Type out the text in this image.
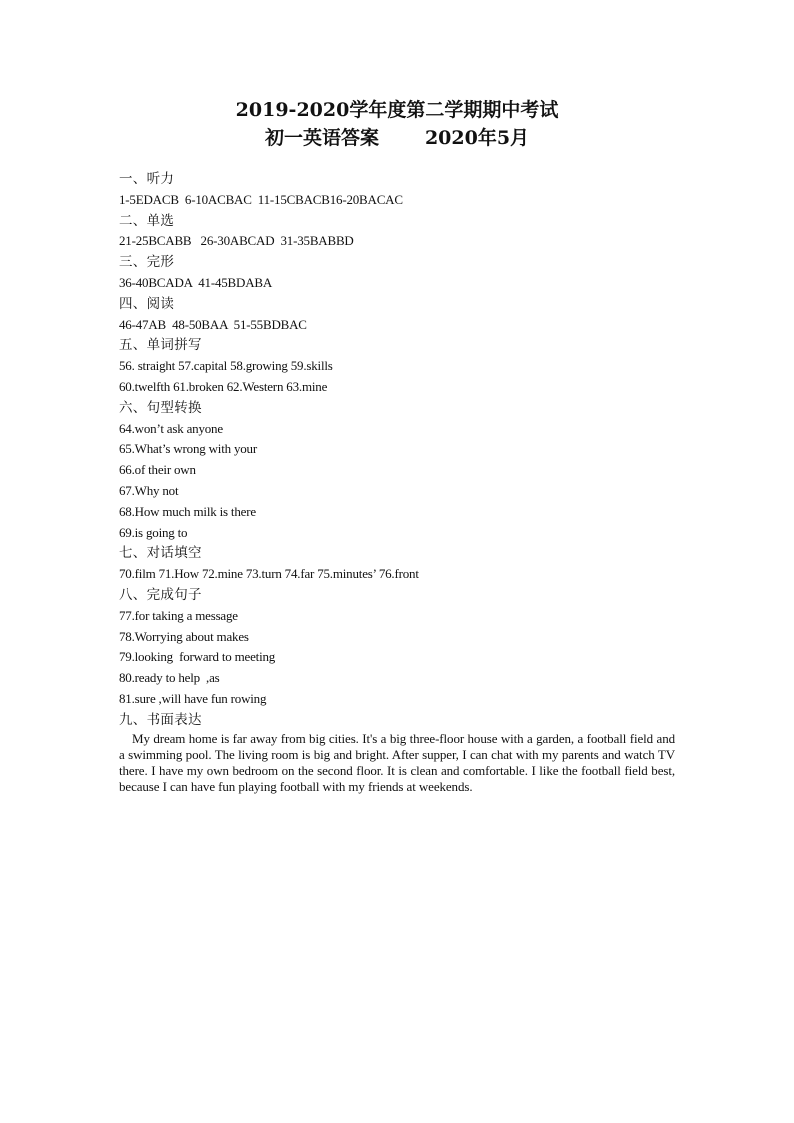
2019-2020学年度第二学期期中考试
初一英语答案 2020年5月
一、听力
1-5EDACB  6-10ACBAC  11-15CBACB16-20BACAC
二、单选
21-25BCABB   26-30ABCAD  31-35BABBD
三、完形
36-40BCADA  41-45BDABA
四、阅读
46-47AB  48-50BAA  51-55BDBAC
五、单词拼写
56. straight 57.capital 58.growing 59.skills
60.twelfth 61.broken 62.Western 63.mine
六、句型转换
64.won’t ask anyone
65.What’s wrong with your
66.of their own
67.Why not
68.How much milk is there
69.is going to
七、对话填空
70.film 71.How 72.mine 73.turn 74.far 75.minutes’ 76.front
八、完成句子
77.for taking a message
78.Worrying about makes
79.looking  forward to meeting
80.ready to help  ,as
81.sure ,will have fun rowing
九、书面表达

My dream home is far away from big cities. It's a big three-floor house with a garden, a football field and a swimming pool. The living room is big and bright. After supper, I can chat with my parents and watch TV there. I have my own bedroom on the second floor. It is clean and comfortable. I like the football field best, because I can have fun playing football with my friends at weekends.
